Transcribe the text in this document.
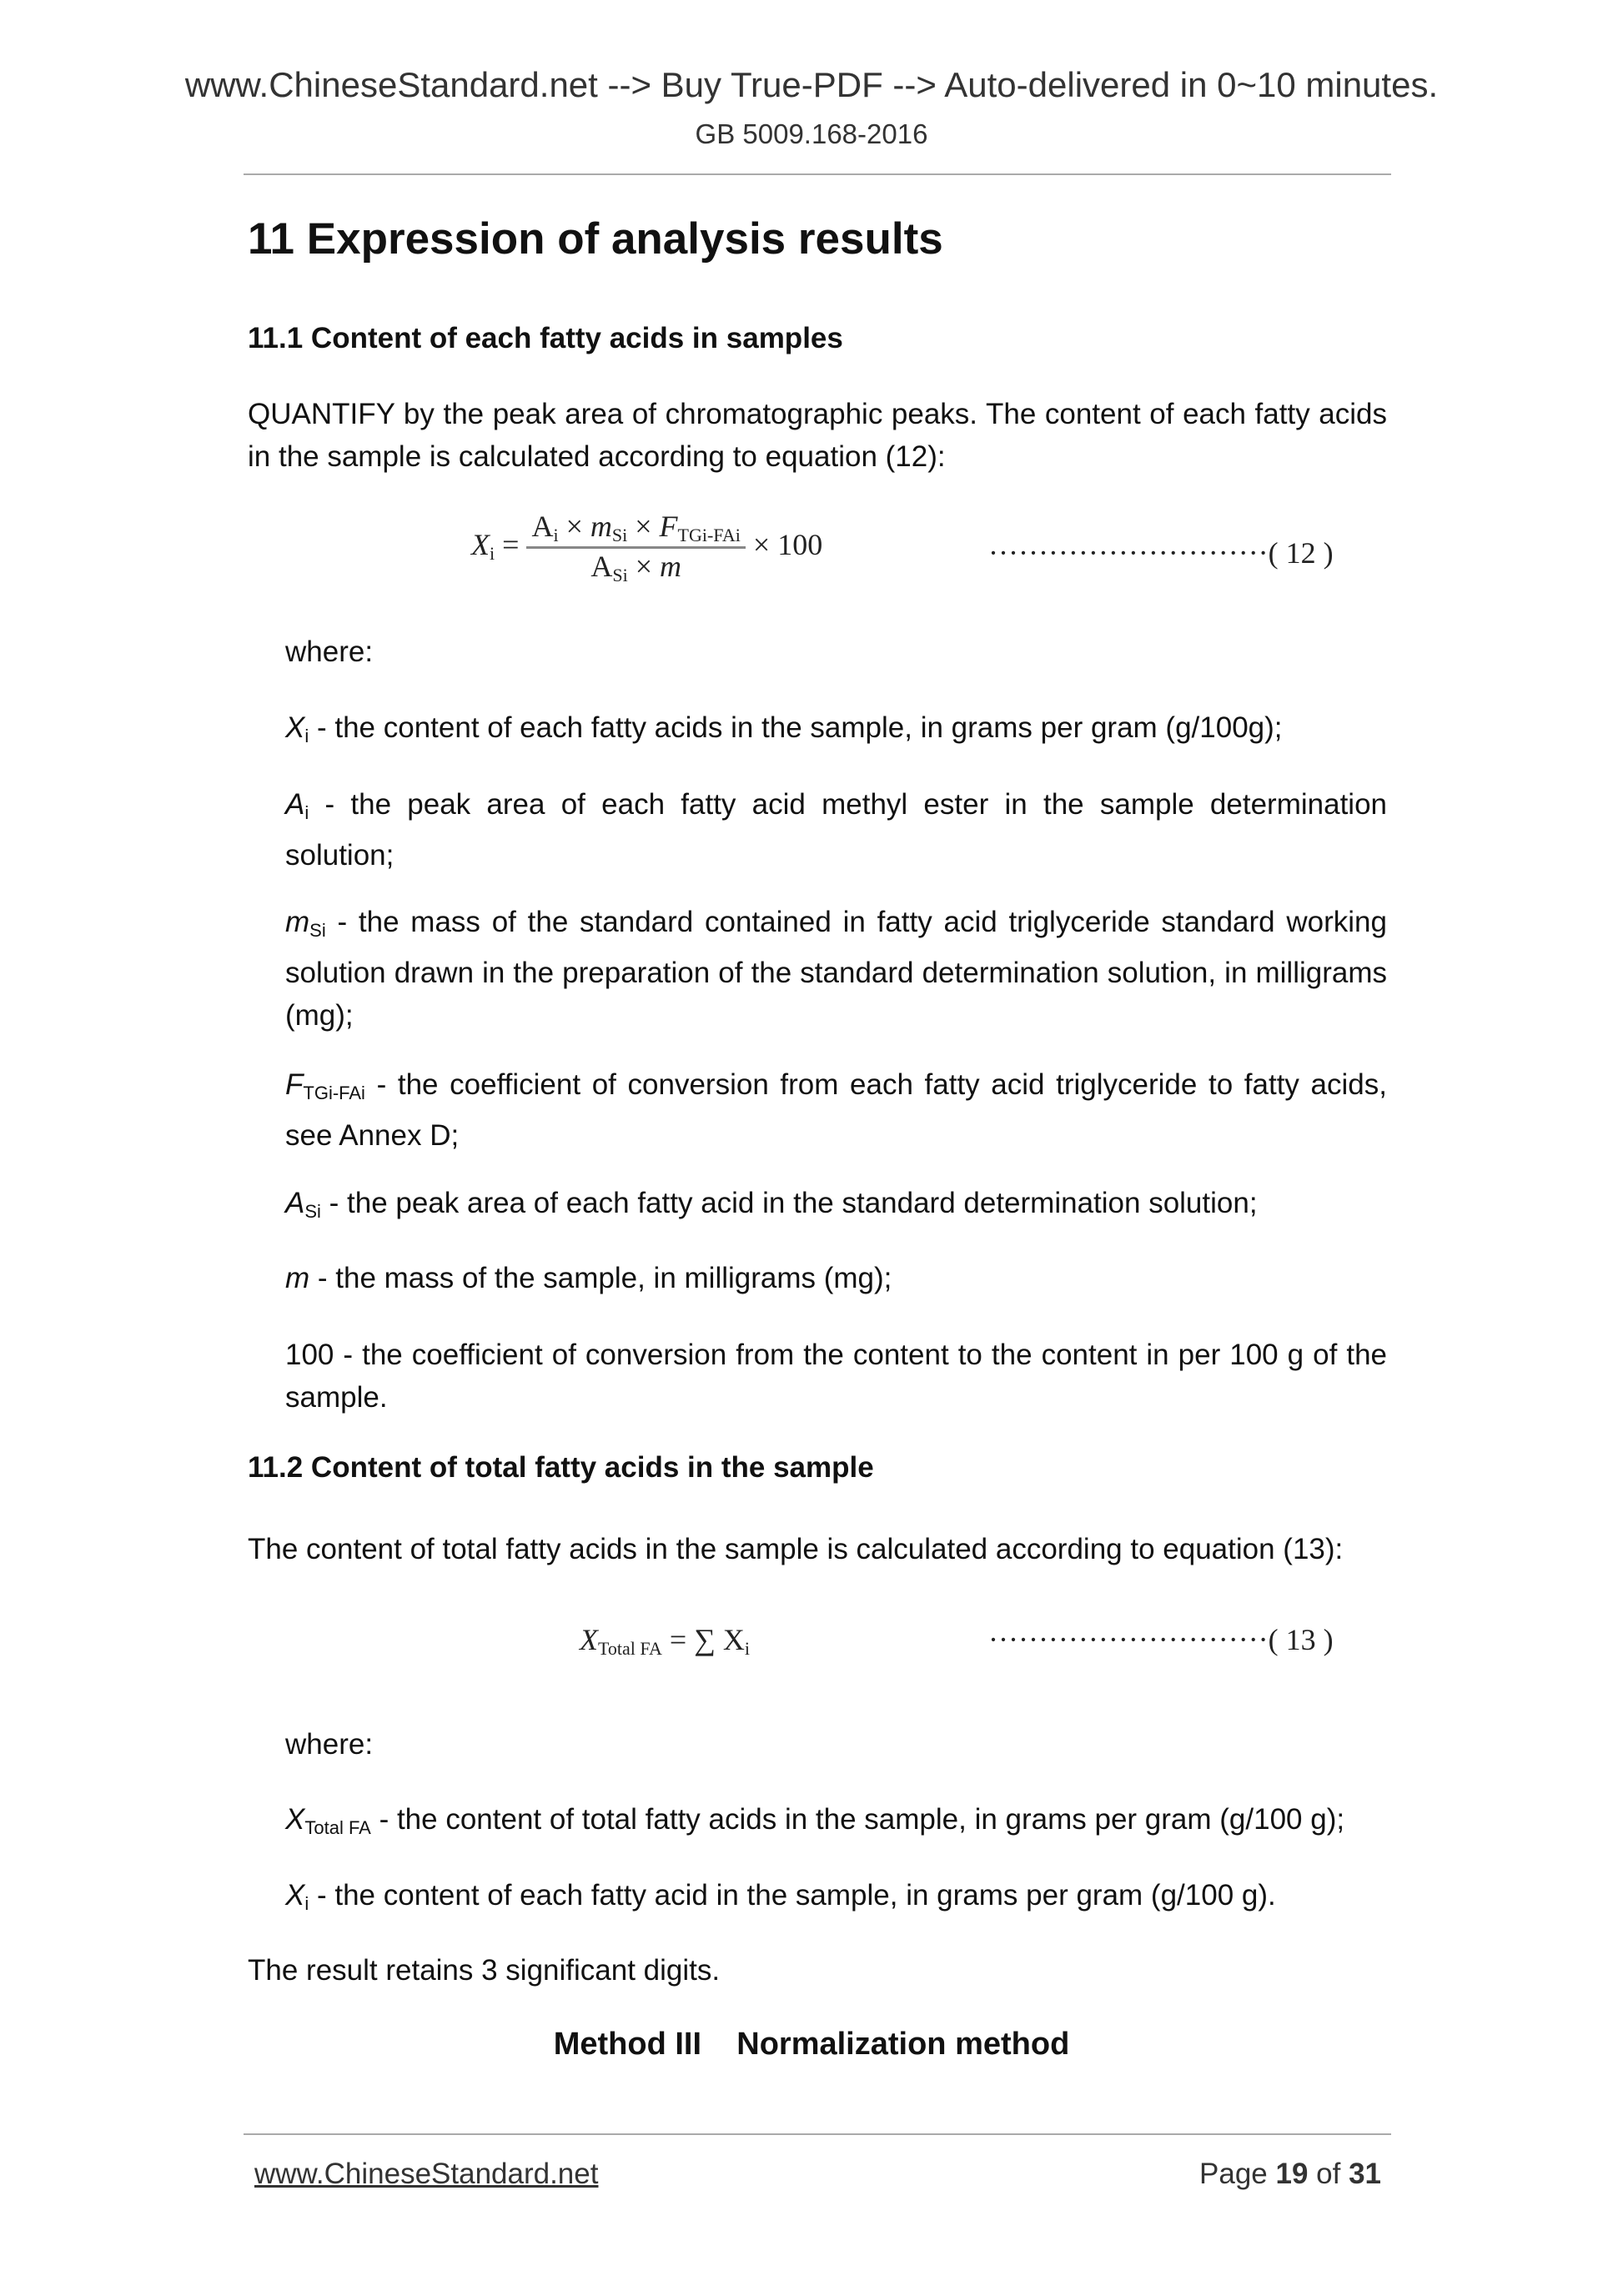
www.ChineseStandard.net --> Buy True-PDF --> Auto-delivered in 0~10 minutes.
GB 5009.168-2016
11 Expression of analysis results
11.1 Content of each fatty acids in samples
QUANTIFY by the peak area of chromatographic peaks. The content of each fatty acids in the sample is calculated according to equation (12):
$X_i = \frac{A_i \times m_{Si} \times F_{TGi-FAi}}{A_{Si} \times m} \times 100$	····························( 12 )
where:
$X_i$ - the content of each fatty acids in the sample, in grams per gram (g/100g);
$A_i$ - the peak area of each fatty acid methyl ester in the sample determination solution;
$m_{Si}$ - the mass of the standard contained in fatty acid triglyceride standard working solution drawn in the preparation of the standard determination solution, in milligrams (mg);
$F_{TGi-FAi}$ - the coefficient of conversion from each fatty acid triglyceride to fatty acids, see Annex D;
$A_{Si}$ - the peak area of each fatty acid in the standard determination solution;
m - the mass of the sample, in milligrams (mg);
100 - the coefficient of conversion from the content to the content in per 100 g of the sample.
11.2 Content of total fatty acids in the sample
The content of total fatty acids in the sample is calculated according to equation (13):
$X_{Total FA}$ = ∑ $X_i$	····························( 13 )
where:
$X_{Total FA}$ - the content of total fatty acids in the sample, in grams per gram (g/100 g);
$X_i$ - the content of each fatty acid in the sample, in grams per gram (g/100 g).
The result retains 3 significant digits.
Method III    Normalization method
www.ChineseStandard.net	Page 19 of 31
